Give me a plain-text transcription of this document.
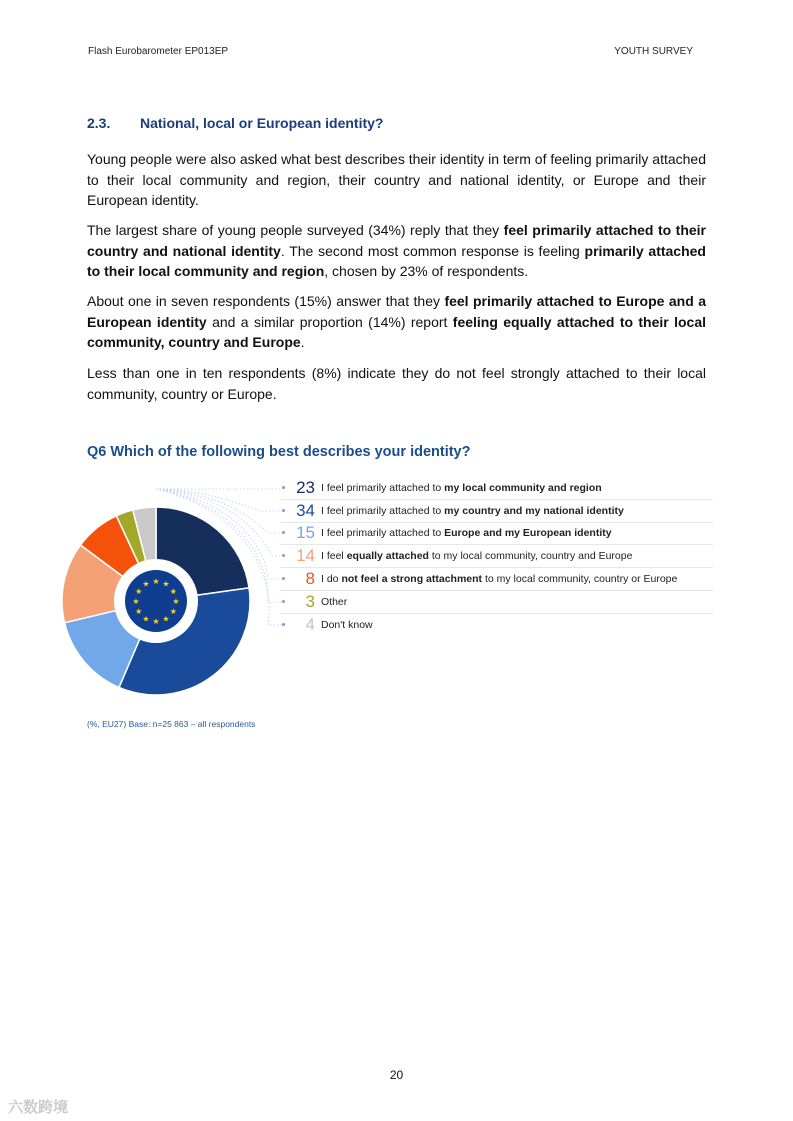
Flash Eurobarometer EP013EP	YOUTH SURVEY
2.3. National, local or European identity?

Young people were also asked what best describes their identity in term of feeling primarily attached to their local community and region, their country and national identity, or Europe and their European identity.

The largest share of young people surveyed (34%) reply that they feel primarily attached to their country and national identity. The second most common response is feeling primarily attached to their local community and region, chosen by 23% of respondents.

About one in seven respondents (15%) answer that they feel primarily attached to Europe and a European identity and a similar proportion (14%) report feeling equally attached to their local community, country and Europe.

Less than one in ten respondents (8%) indicate they do not feel strongly attached to their local community, country or Europe.

Q6 Which of the following best describes your identity?
★ ★
★
★
★
★
★
★
★
★
★
★
23 I feel primarily attached to my local community and region
34 I feel primarily attached to my country and my national identity
15 I feel primarily attached to Europe and my European identity
14 I feel equally attached to my local community, country and Europe
8 I do not feel a strong attachment to my local community, country or Europe
3 Other
4 Don't know
(%, EU27) Base: n=25 863 – all respondents
20
六数跨境
